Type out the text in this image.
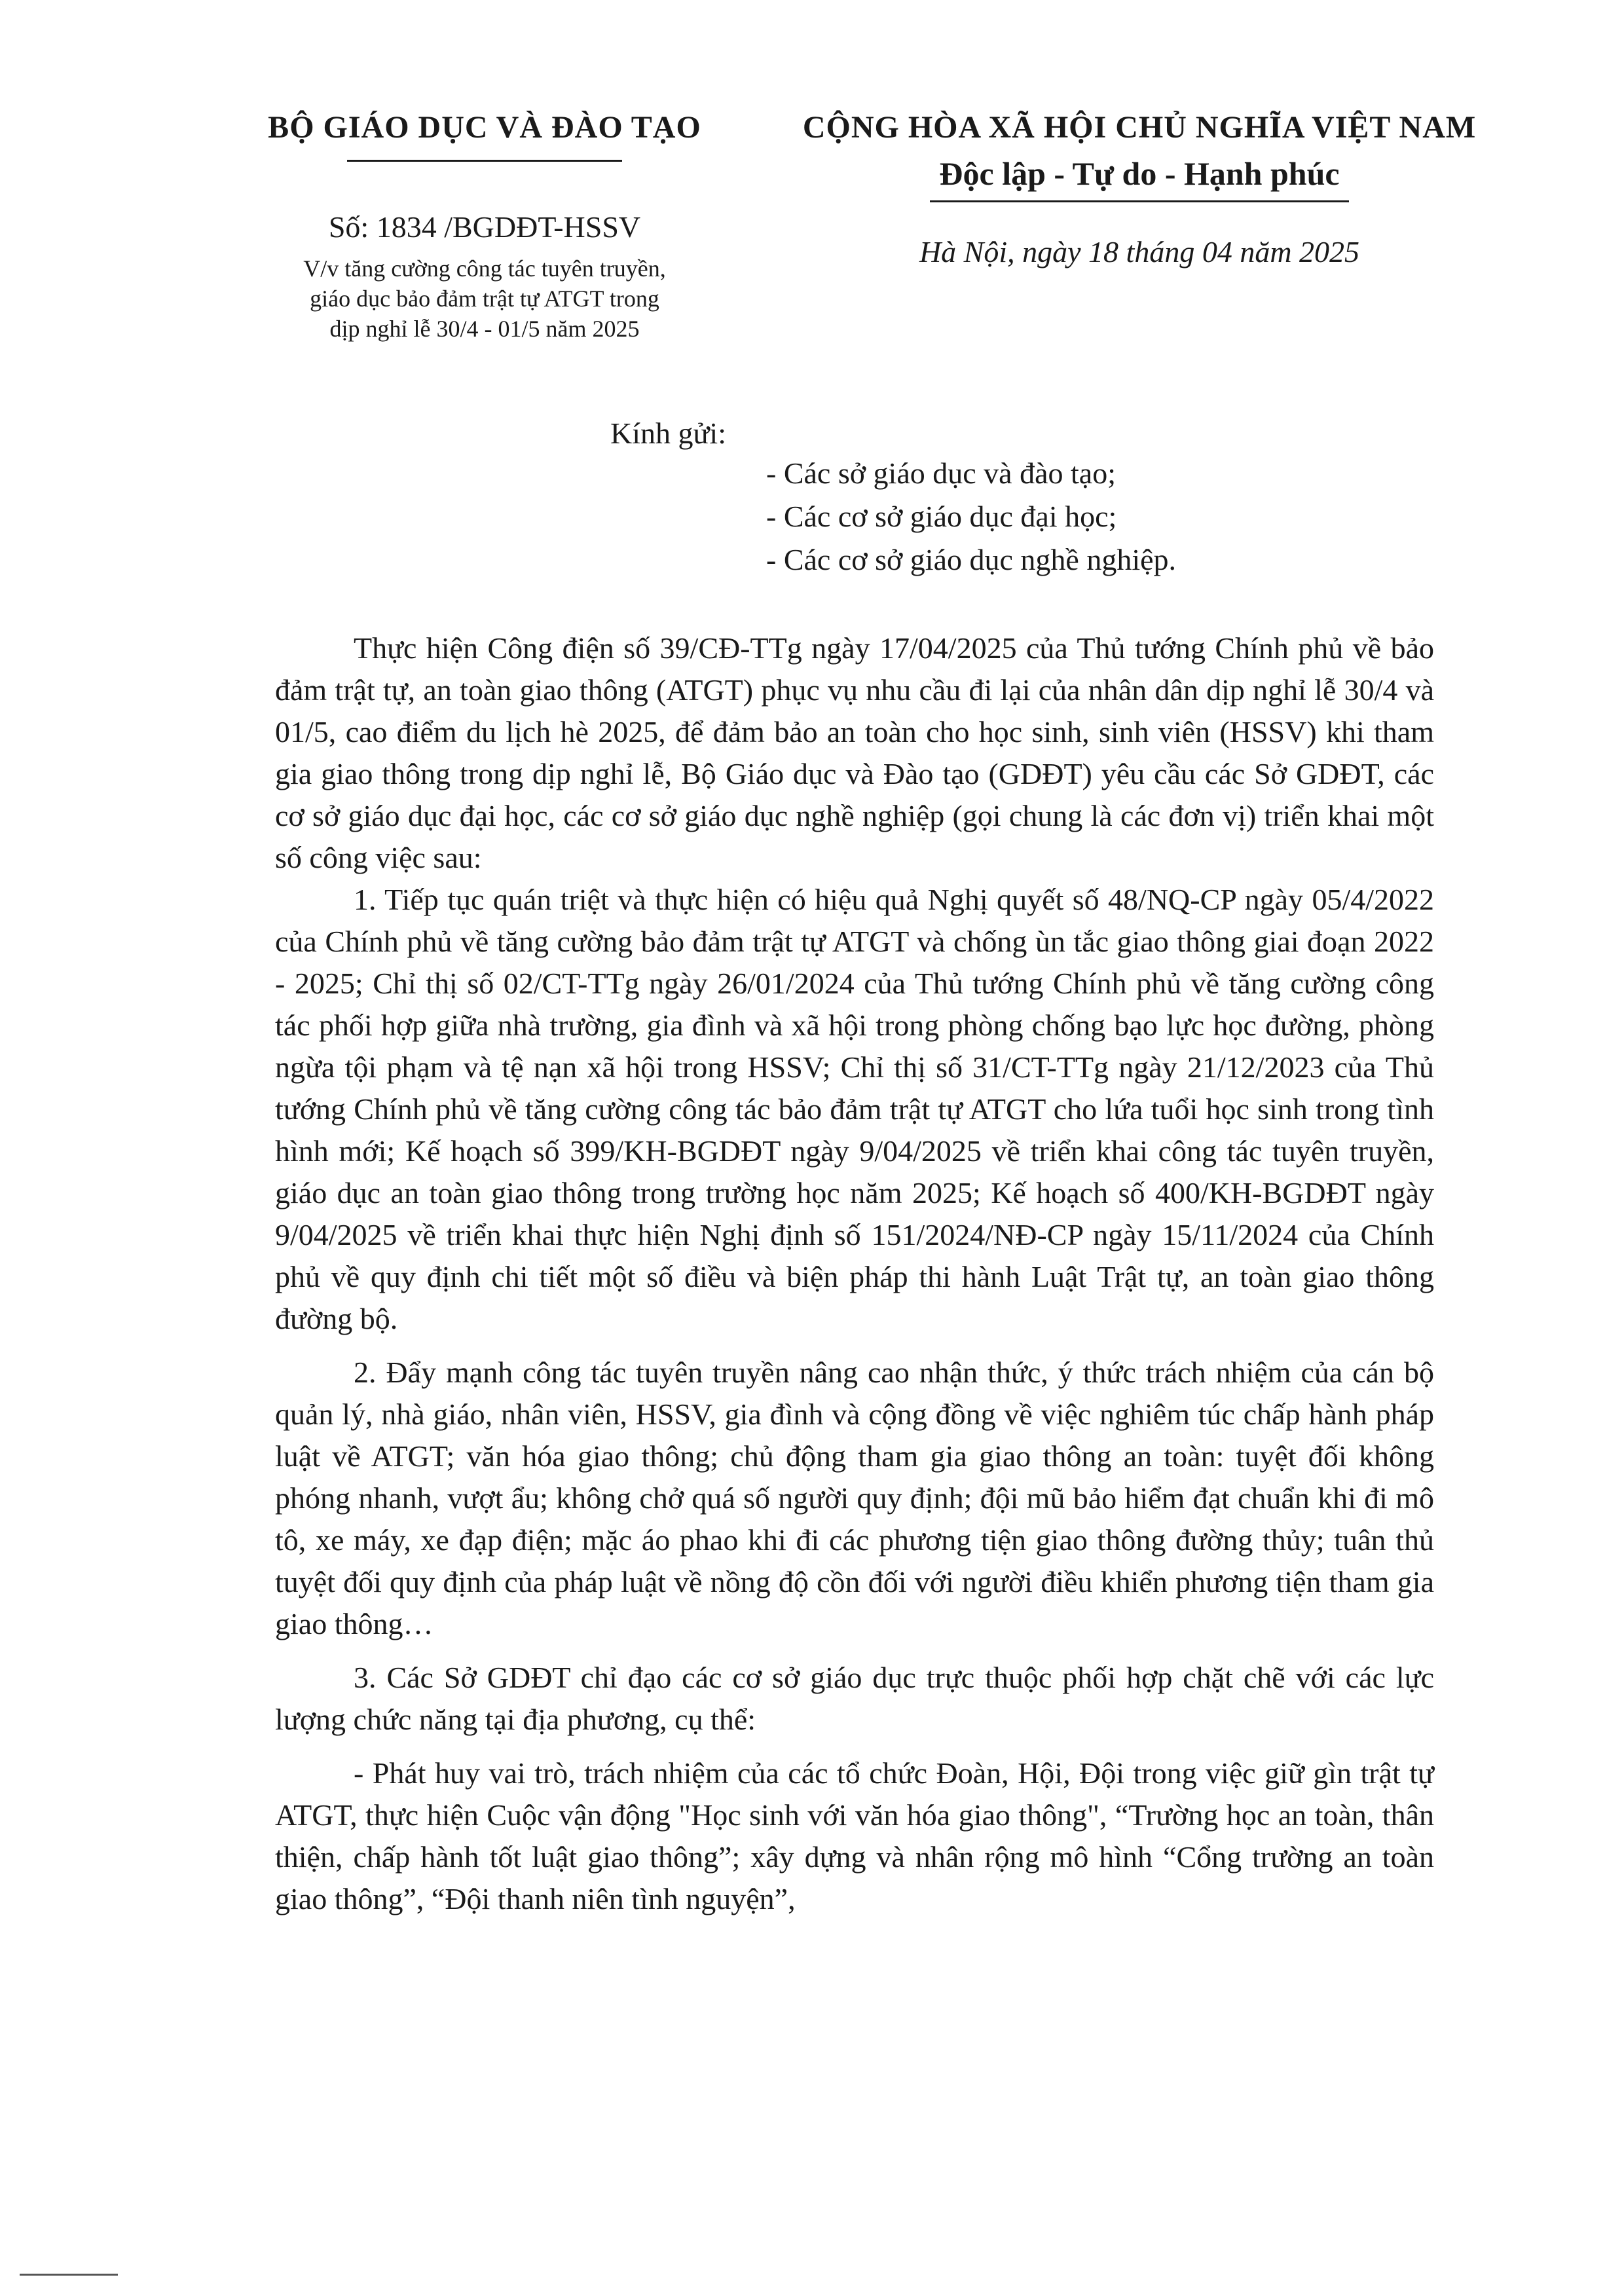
BỘ GIÁO DỤC VÀ ĐÀO TẠO
Số: 1834 /BGDĐT-HSSV
V/v tăng cường công tác tuyên truyền,
giáo dục bảo đảm trật tự ATGT trong
dịp nghỉ lễ 30/4 - 01/5 năm 2025
CỘNG HÒA XÃ HỘI CHỦ NGHĨA VIỆT NAM
Độc lập - Tự do - Hạnh phúc
Hà Nội, ngày 18 tháng 04 năm 2025
Kính gửi:
- Các sở giáo dục và đào tạo;
- Các cơ sở giáo dục đại học;
- Các cơ sở giáo dục nghề nghiệp.

Thực hiện Công điện số 39/CĐ-TTg ngày 17/04/2025 của Thủ tướng Chính phủ về bảo đảm trật tự, an toàn giao thông (ATGT) phục vụ nhu cầu đi lại của nhân dân dịp nghỉ lễ 30/4 và 01/5, cao điểm du lịch hè 2025, để đảm bảo an toàn cho học sinh, sinh viên (HSSV) khi tham gia giao thông trong dịp nghỉ lễ, Bộ Giáo dục và Đào tạo (GDĐT) yêu cầu các Sở GDĐT, các cơ sở giáo dục đại học, các cơ sở giáo dục nghề nghiệp (gọi chung là các đơn vị) triển khai một số công việc sau:

1. Tiếp tục quán triệt và thực hiện có hiệu quả Nghị quyết số 48/NQ-CP ngày 05/4/2022 của Chính phủ về tăng cường bảo đảm trật tự ATGT và chống ùn tắc giao thông giai đoạn 2022 - 2025; Chỉ thị số 02/CT-TTg ngày 26/01/2024 của Thủ tướng Chính phủ về tăng cường công tác phối hợp giữa nhà trường, gia đình và xã hội trong phòng chống bạo lực học đường, phòng ngừa tội phạm và tệ nạn xã hội trong HSSV; Chỉ thị số 31/CT-TTg ngày 21/12/2023 của Thủ tướng Chính phủ về tăng cường công tác bảo đảm trật tự ATGT cho lứa tuổi học sinh trong tình hình mới; Kế hoạch số 399/KH-BGDĐT ngày 9/04/2025 về triển khai công tác tuyên truyền, giáo dục an toàn giao thông trong trường học năm 2025; Kế hoạch số 400/KH-BGDĐT ngày 9/04/2025 về triển khai thực hiện Nghị định số 151/2024/NĐ-CP ngày 15/11/2024 của Chính phủ về quy định chi tiết một số điều và biện pháp thi hành Luật Trật tự, an toàn giao thông đường bộ.

2. Đẩy mạnh công tác tuyên truyền nâng cao nhận thức, ý thức trách nhiệm của cán bộ quản lý, nhà giáo, nhân viên, HSSV, gia đình và cộng đồng về việc nghiêm túc chấp hành pháp luật về ATGT; văn hóa giao thông; chủ động tham gia giao thông an toàn: tuyệt đối không phóng nhanh, vượt ẩu; không chở quá số người quy định; đội mũ bảo hiểm đạt chuẩn khi đi mô tô, xe máy, xe đạp điện; mặc áo phao khi đi các phương tiện giao thông đường thủy; tuân thủ tuyệt đối quy định của pháp luật về nồng độ cồn đối với người điều khiển phương tiện tham gia giao thông…

3. Các Sở GDĐT chỉ đạo các cơ sở giáo dục trực thuộc phối hợp chặt chẽ với các lực lượng chức năng tại địa phương, cụ thể:

- Phát huy vai trò, trách nhiệm của các tổ chức Đoàn, Hội, Đội trong việc giữ gìn trật tự ATGT, thực hiện Cuộc vận động "Học sinh với văn hóa giao thông", “Trường học an toàn, thân thiện, chấp hành tốt luật giao thông”; xây dựng và nhân rộng mô hình “Cổng trường an toàn giao thông”, “Đội thanh niên tình nguyện”,
